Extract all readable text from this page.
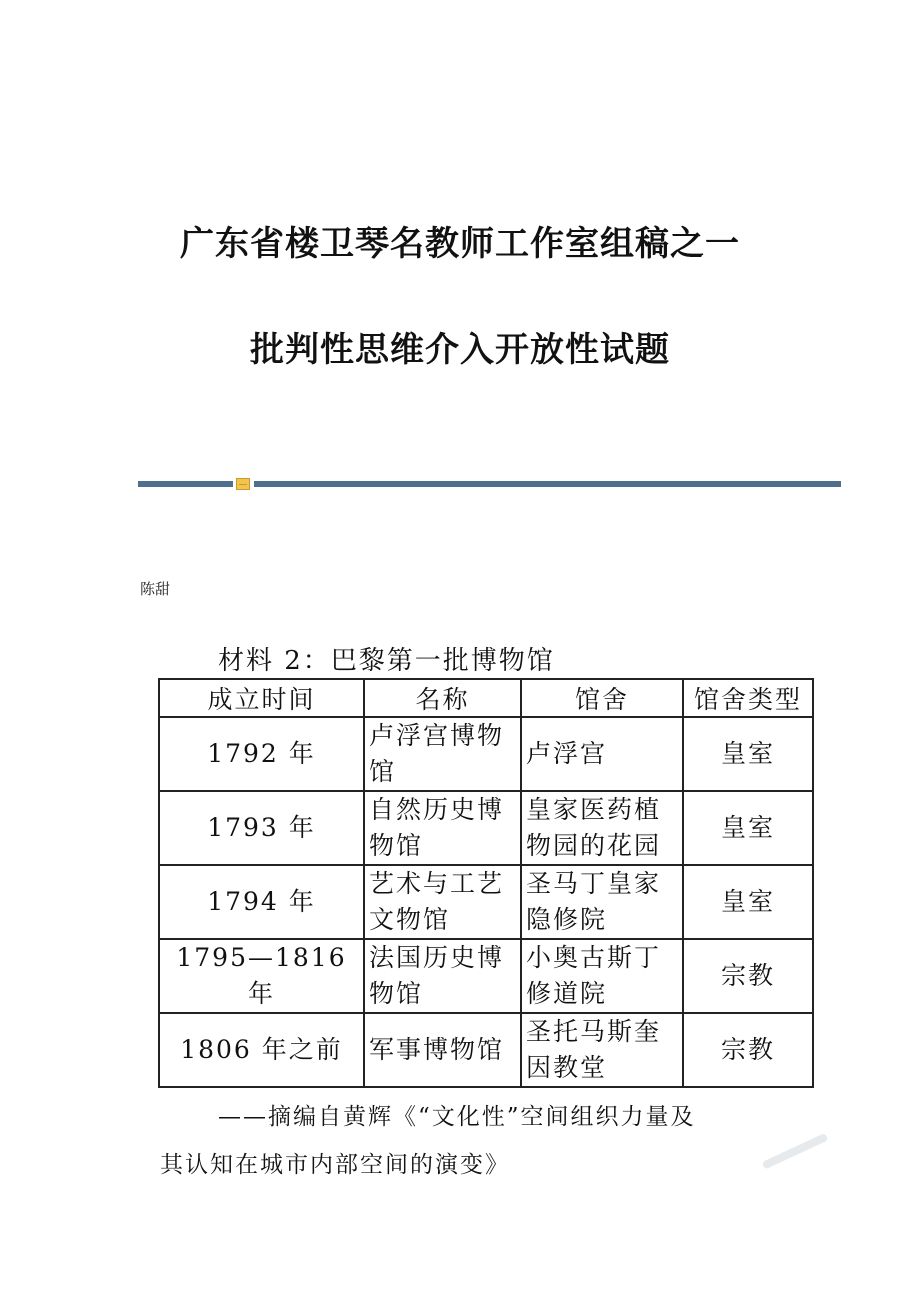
广东省楼卫琴名教师工作室组稿之一
批判性思维介入开放性试题
陈甜
材料 2：巴黎第一批博物馆
成立时间	名称	馆舍	馆舍类型
1792 年	卢浮宫博物馆	卢浮宫	皇室
1793 年	自然历史博物馆	皇家医药植物园的花园	皇室
1794 年	艺术与工艺文物馆	圣马丁皇家隐修院	皇室
1795—1816 年	法国历史博物馆	小奥古斯丁修道院	宗教
1806 年之前	军事博物馆	圣托马斯奎因教堂	宗教
——摘编自黄辉《“文化性”空间组织力量及
其认知在城市内部空间的演变》
